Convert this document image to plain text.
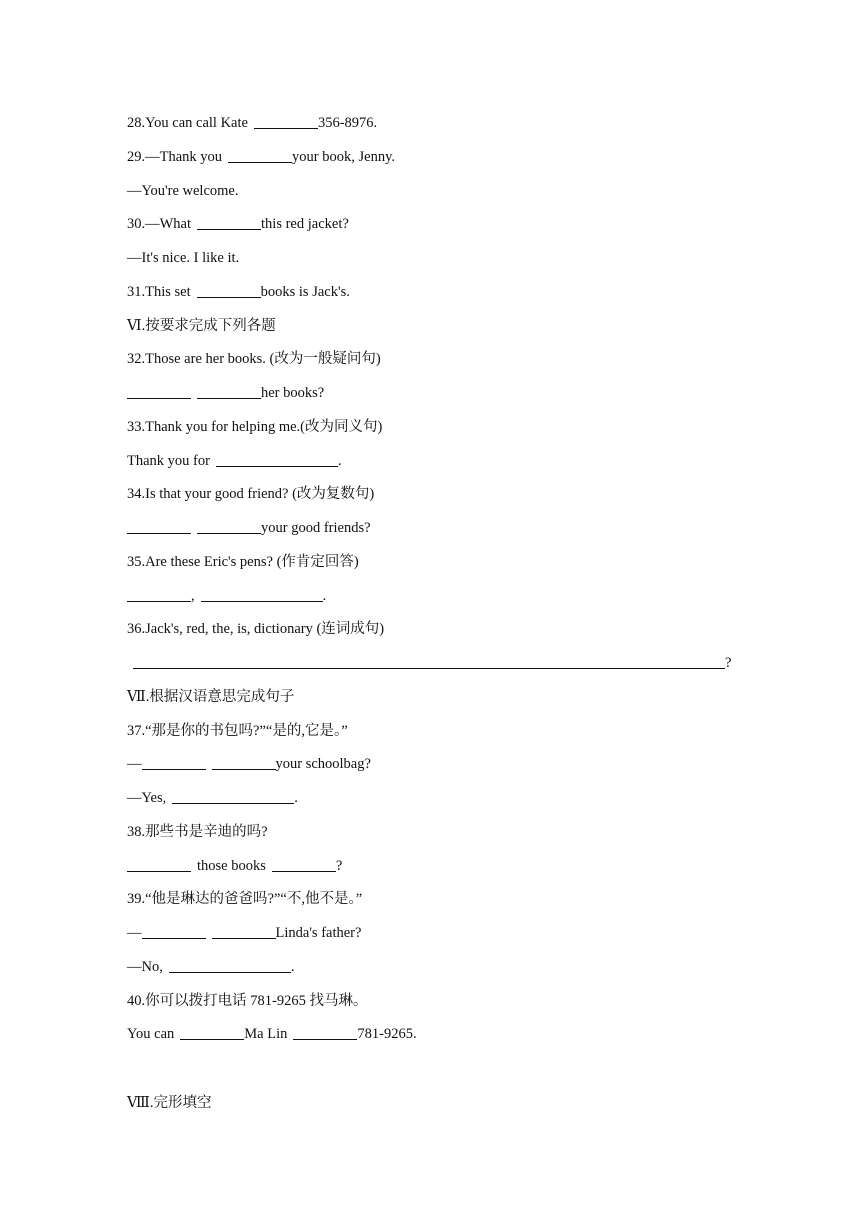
28.You can call Kate	356-8976.
29.—Thank you	your book, Jenny.
—You're welcome.
30.—What	this red jacket?
—It's nice. I like it.
31.This set	books is Jack's.
Ⅵ.按要求完成下列各题
32.Those are her books. (改为一般疑问句)
her books?
33.Thank you for helping me.(改为同义句)
Thank you for	.
34.Is that your good friend? (改为复数句)
your good friends?
35.Are these Eric's pens? (作肯定回答)
,	.
36.Jack's, red, the, is, dictionary (连词成句)
?
Ⅶ.根据汉语意思完成句子
37.“那是你的书包吗?”“是的,它是。”
—	your schoolbag?
—Yes,	.
38.那些书是辛迪的吗?
those books	?
39.“他是琳达的爸爸吗?”“不,他不是。”
—	Linda's father?
—No,	.
40.你可以拨打电话 781-9265 找马琳。
You can	Ma Lin	781-9265.
Ⅷ.完形填空
